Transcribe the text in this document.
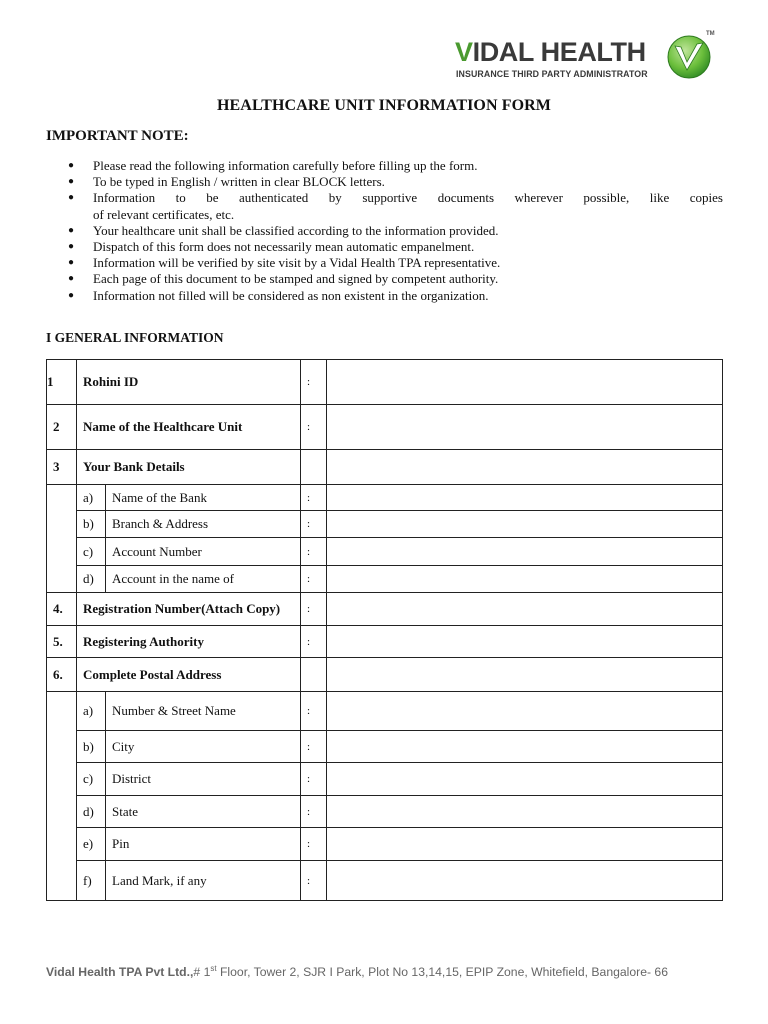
VIDAL HEALTH
INSURANCE THIRD PARTY ADMINISTRATOR
TM
HEALTHCARE UNIT INFORMATION FORM
IMPORTANT NOTE:
● Please read the following information carefully before filling up the form.
● To be typed in English / written in clear BLOCK letters.
● Information to be authenticated by supportive documents wherever possible, like copies
of relevant certificates, etc.
● Your healthcare unit shall be classified according to the information provided.
● Dispatch of this form does not necessarily mean automatic empanelment.
● Information will be verified by site visit by a Vidal Health TPA representative.
● Each page of this document to be stamped and signed by competent authority.
● Information not filled will be considered as non existent in the organization.
I GENERAL INFORMATION
1	Rohini ID		:	
2	Name of the Healthcare Unit		:	
3	Your Bank Details			
	a)	Name of the Bank	:	
	b)	Branch & Address	:	
	c)	Account Number	:	
	d)	Account in the name of	:	
4.	Registration Number(Attach Copy)		:	
5.	Registering Authority		:	
6.	Complete Postal Address			
	a)	Number & Street Name	:	
	b)	City	:	
	c)	District	:	
	d)	State	:	
	e)	Pin	:	
	f)	Land Mark, if any	:	
Vidal Health TPA Pvt Ltd.,# 1st Floor, Tower 2, SJR I Park, Plot No 13,14,15, EPIP Zone, Whitefield, Bangalore- 66
